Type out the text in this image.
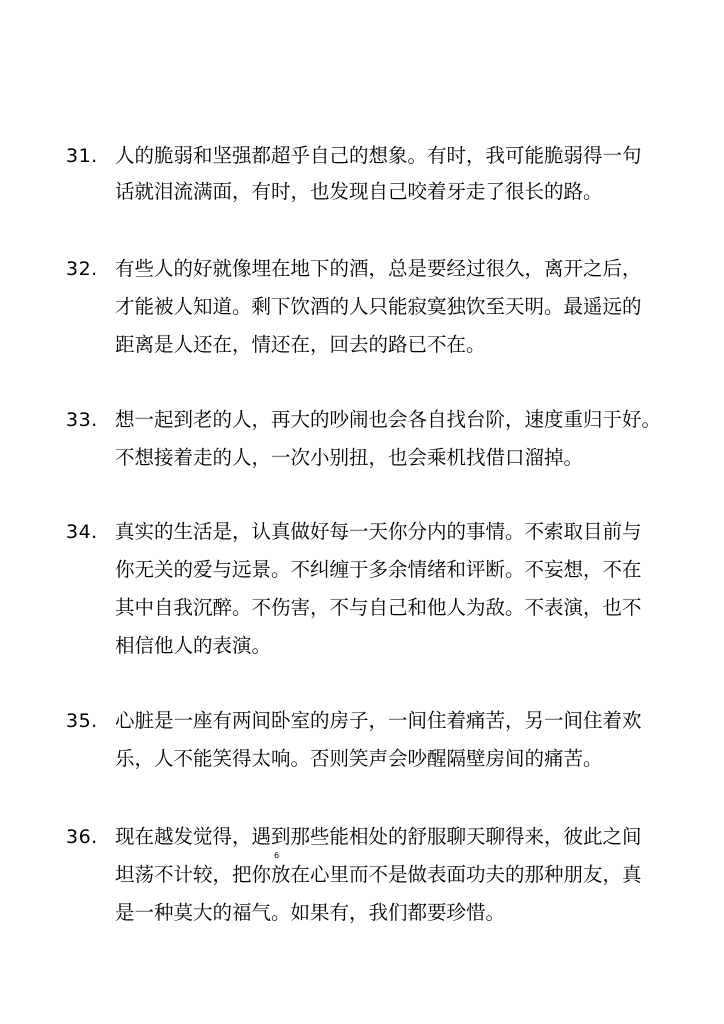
31. 人的脆弱和坚强都超乎自己的想象。有时，我可能脆弱得一句
话就泪流满面，有时，也发现自己咬着牙走了很长的路。
32. 有些人的好就像埋在地下的酒，总是要经过很久，离开之后，
才能被人知道。剩下饮酒的人只能寂寞独饮至天明。最遥远的
距离是人还在，情还在，回去的路已不在。
33. 想一起到老的人，再大的吵闹也会各自找台阶，速度重归于好。
不想接着走的人，一次小别扭，也会乘机找借口溜掉。
34. 真实的生活是，认真做好每一天你分内的事情。不索取目前与
你无关的爱与远景。不纠缠于多余情绪和评断。不妄想，不在
其中自我沉醉。不伤害，不与自己和他人为敌。不表演，也不
相信他人的表演。
35. 心脏是一座有两间卧室的房子，一间住着痛苦，另一间住着欢
乐，人不能笑得太响。否则笑声会吵醒隔壁房间的痛苦。
36. 现在越发觉得，遇到那些能相处的舒服聊天聊得来，彼此之间
坦荡不计较，把你放在心里而不是做表面功夫的那种朋友，真
是一种莫大的福气。如果有，我们都要珍惜。
6
